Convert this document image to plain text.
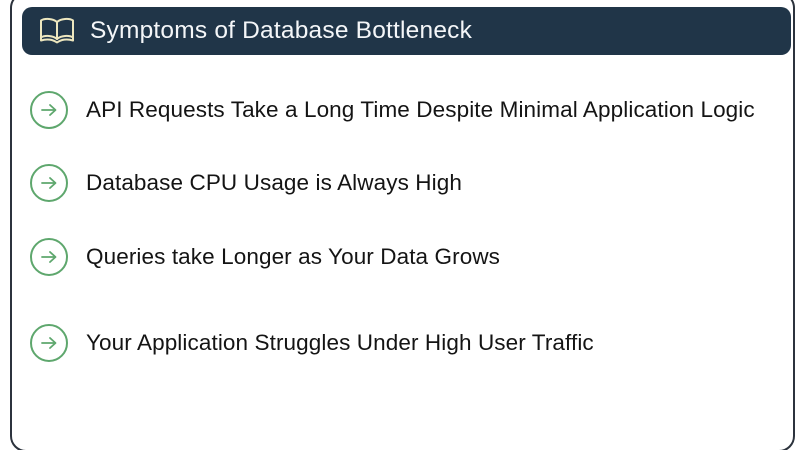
Symptoms of Database Bottleneck
API Requests Take a Long Time Despite Minimal Application Logic
Database CPU Usage is Always High
Queries take Longer as Your Data Grows
Your Application Struggles Under High User Traffic
